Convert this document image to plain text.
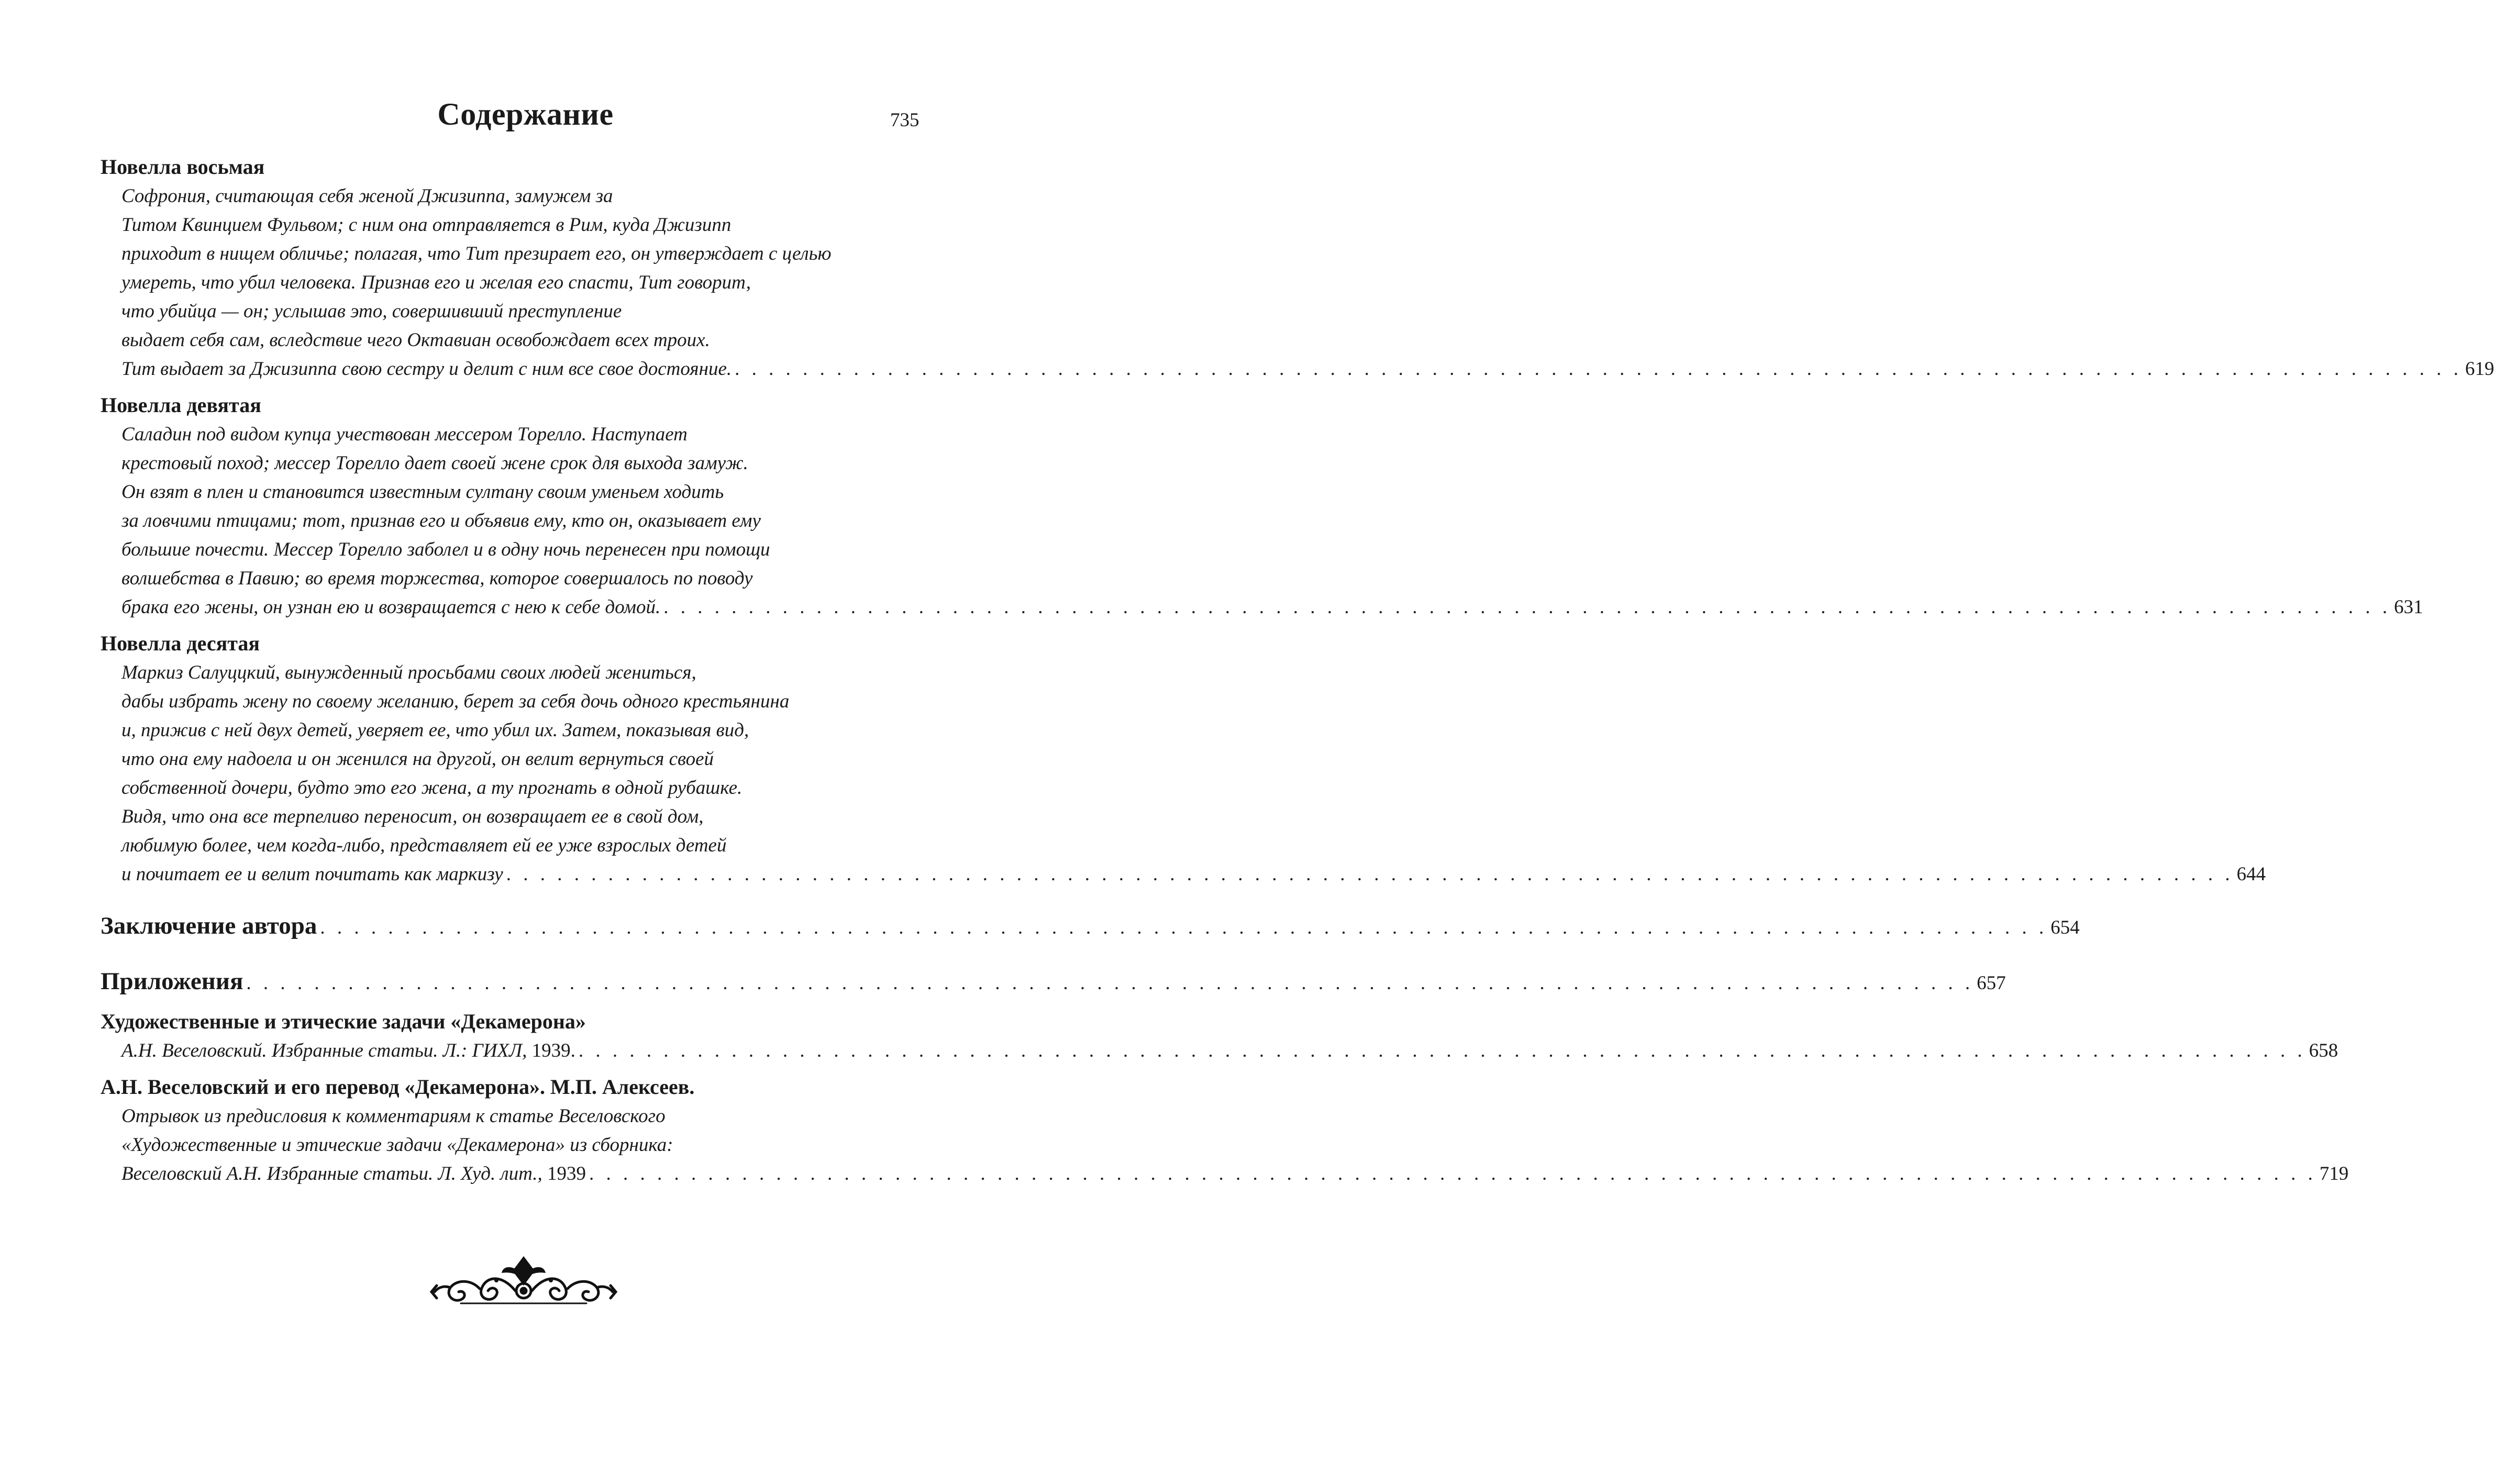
Содержание	735
Новелла восьмая
Софрония, считающая себя женой Джизиппа, замужем за
Титом Квинцием Фульвом; с ним она отправляется в Рим, куда Джизипп
приходит в нищем обличье; полагая, что Тит презирает его, он утверждает с целью
умереть, что убил человека. Признав его и желая его спасти, Тит говорит,
что убийца — он; услышав это, совершивший преступление
выдает себя сам, вследствие чего Октавиан освобождает всех троих.
Тит выдает за Джизиппа свою сестру и делит с ним все свое достояние. . . . . . . . . . . . . . . . . . . . . . . . . . . . . . . . . . . . . . . . . . . . . . . . . . . . . . . . . . . . . . . . . . . . . . . . . . . . . . . . . . . . . . . . . . . . . . . . . . . . . . . 619
Новелла девятая
Саладин под видом купца учествован мессером Торелло. Наступает
крестовый поход; мессер Торелло дает своей жене срок для выхода замуж.
Он взят в плен и становится известным султану своим уменьем ходить
за ловчими птицами; тот, признав его и объявив ему, кто он, оказывает ему
большие почести. Мессер Торелло заболел и в одну ночь перенесен при помощи
волшебства в Павию; во время торжества, которое совершалось по поводу
брака его жены, он узнан ею и возвращается с нею к себе домой. . . . . . . . . . . . . . . . . . . . . . . . . . . . . . . . . . . . . . . . . . . . . . . . . . . . . . . . . . . . . . . . . . . . . . . . . . . . . . . . . . . . . . . . . . . . . . . . . . . . . . . 631
Новелла десятая
Маркиз Салуццкий, вынужденный просьбами своих людей жениться,
дабы избрать жену по своему желанию, берет за себя дочь одного крестьянина
и, прижив с ней двух детей, уверяет ее, что убил их. Затем, показывая вид,
что она ему надоела и он женился на другой, он велит вернуться своей
собственной дочери, будто это его жена, а ту прогнать в одной рубашке.
Видя, что она все терпеливо переносит, он возвращает ее в свой дом,
любимую более, чем когда-либо, представляет ей ее уже взрослых детей
и почитает ее и велит почитать как маркизу . . . . . . . . . . . . . . . . . . . . . . . . . . . . . . . . . . . . . . . . . . . . . . . . . . . . . . . . . . . . . . . . . . . . . . . . . . . . . . . . . . . . . . . . . . . . . . . . . . . . . . 644
Заключение автора . . . . . . . . . . . . . . . . . . . . . . . . . . . . . . . . . . . . . . . . . . . . . . . . . . . . . . . . . . . . . . . . . . . . . . . . . . . . . . . . . . . . . . . . . . . . . . . . . . . . . . 654
Приложения . . . . . . . . . . . . . . . . . . . . . . . . . . . . . . . . . . . . . . . . . . . . . . . . . . . . . . . . . . . . . . . . . . . . . . . . . . . . . . . . . . . . . . . . . . . . . . . . . . . . . . 657
Художественные и этические задачи «Декамерона»
А.Н. Веселовский. Избранные статьи. Л.: ГИХЛ, 1939. . . . . . . . . . . . . . . . . . . . . . . . . . . . . . . . . . . . . . . . . . . . . . . . . . . . . . . . . . . . . . . . . . . . . . . . . . . . . . . . . . . . . . . . . . . . . . . . . . . . . . . 658
А.Н. Веселовский и его перевод «Декамерона». М.П. Алексеев.
Отрывок из предисловия к комментариям к статье Веселовского
«Художественные и этические задачи «Декамерона» из сборника:
Веселовский А.Н. Избранные статьи. Л. Худ. лит., 1939 . . . . . . . . . . . . . . . . . . . . . . . . . . . . . . . . . . . . . . . . . . . . . . . . . . . . . . . . . . . . . . . . . . . . . . . . . . . . . . . . . . . . . . . . . . . . . . . . . . . . . . 719
